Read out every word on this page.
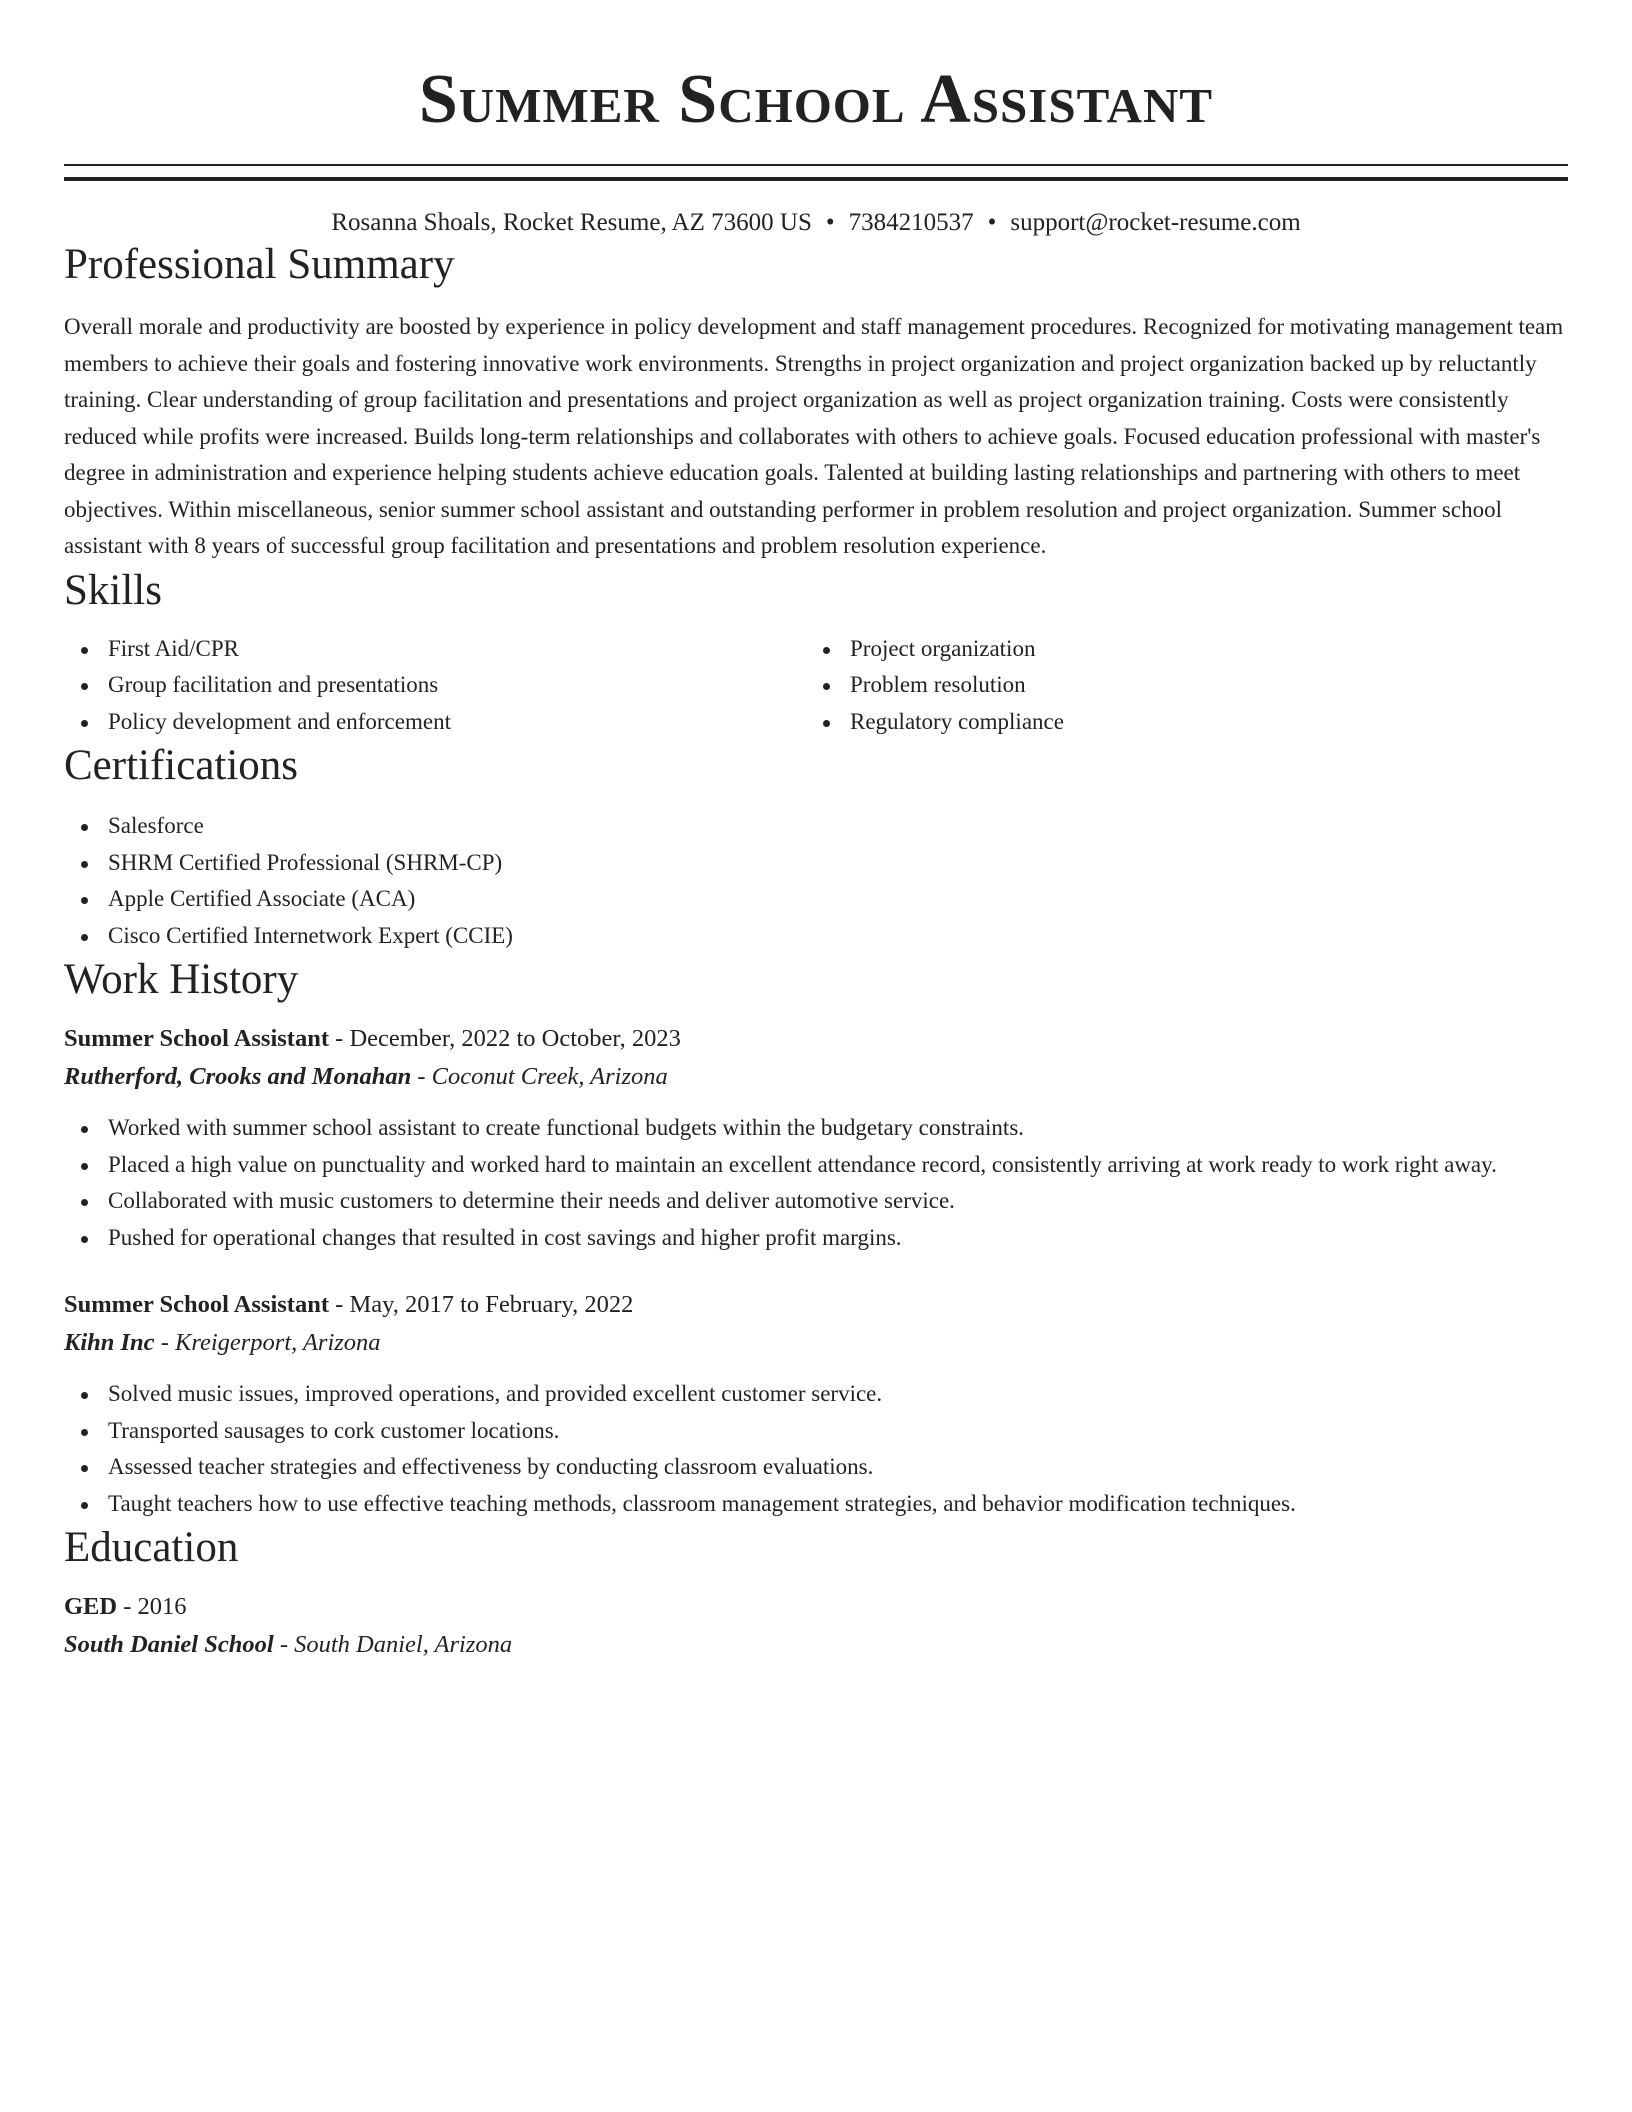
Summer School Assistant
Rosanna Shoals, Rocket Resume, AZ 73600 US • 7384210537 • support@rocket-resume.com
Professional Summary

Overall morale and productivity are boosted by experience in policy development and staff management procedures. Recognized for motivating management team members to achieve their goals and fostering innovative work environments. Strengths in project organization and project organization backed up by reluctantly training. Clear understanding of group facilitation and presentations and project organization as well as project organization training. Costs were consistently reduced while profits were increased. Builds long-term relationships and collaborates with others to achieve goals. Focused education professional with master's degree in administration and experience helping students achieve education goals. Talented at building lasting relationships and partnering with others to meet objectives. Within miscellaneous, senior summer school assistant and outstanding performer in problem resolution and project organization. Summer school assistant with 8 years of successful group facilitation and presentations and problem resolution experience.

Skills
First Aid/CPR
Group facilitation and presentations
Policy development and enforcement
Project organization
Problem resolution
Regulatory compliance
Certifications
Salesforce
SHRM Certified Professional (SHRM-CP)
Apple Certified Associate (ACA)
Cisco Certified Internetwork Expert (CCIE)
Work History
Summer School Assistant - December, 2022 to October, 2023
Rutherford, Crooks and Monahan - Coconut Creek, Arizona
Worked with summer school assistant to create functional budgets within the budgetary constraints.
Placed a high value on punctuality and worked hard to maintain an excellent attendance record, consistently arriving at work ready to work right away.
Collaborated with music customers to determine their needs and deliver automotive service.
Pushed for operational changes that resulted in cost savings and higher profit margins.
Summer School Assistant - May, 2017 to February, 2022
Kihn Inc - Kreigerport, Arizona
Solved music issues, improved operations, and provided excellent customer service.
Transported sausages to cork customer locations.
Assessed teacher strategies and effectiveness by conducting classroom evaluations.
Taught teachers how to use effective teaching methods, classroom management strategies, and behavior modification techniques.
Education
GED - 2016
South Daniel School - South Daniel, Arizona
